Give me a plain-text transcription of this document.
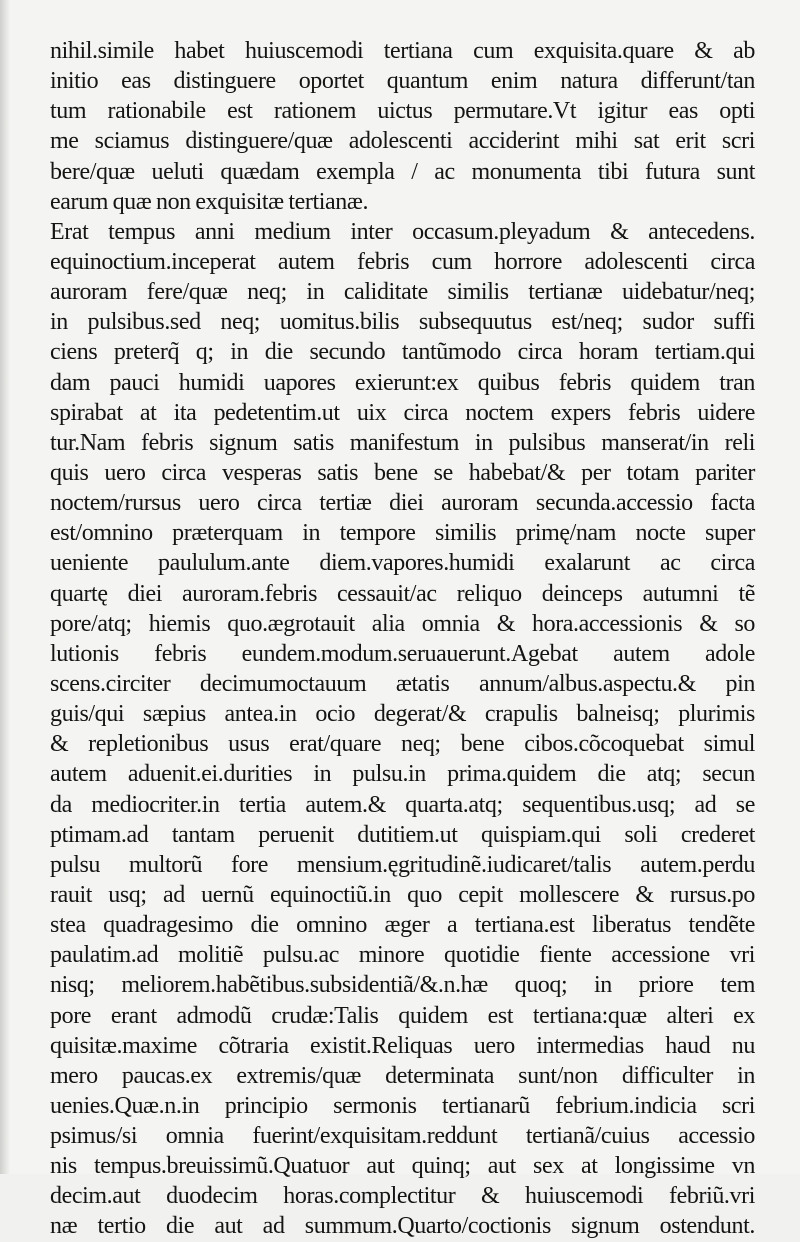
nihil.simile habet huiuscemodi tertiana cum exquisita.quare & ab
initio eas distinguere oportet quantum enim natura differunt/tan
tum rationabile est rationem uictus permutare.Vt igitur eas opti
me sciamus distinguere/quæ adolescenti acciderint mihi sat erit scri
bere/quæ ueluti quædam exempla / ac monumenta tibi futura sunt
earum quæ non exquisitæ tertianæ.
Erat tempus anni medium inter occasum.pleyadum & antecedens.
equinoctium.inceperat autem febris cum horrore adolescenti circa
auroram fere/quæ neq; in caliditate similis tertianæ uidebatur/neq;
in pulsibus.sed neq; uomitus.bilis subsequutus est/neq; sudor suffi
ciens preterq̃ q; in die secundo tantũmodo circa horam tertiam.qui
dam pauci humidi uapores exierunt:ex quibus febris quidem tran
spirabat at ita pedetentim.ut uix circa noctem expers febris uidere
tur.Nam febris signum satis manifestum in pulsibus manserat/in reli
quis uero circa vesperas satis bene se habebat/& per totam pariter
noctem/rursus uero circa tertiæ diei auroram secunda.accessio facta
est/omnino præterquam in tempore similis primę/nam nocte super
ueniente paululum.ante diem.vapores.humidi exalarunt ac circa
quartę diei auroram.febris cessauit/ac reliquo deinceps autumni tẽ
pore/atq; hiemis quo.ægrotauit alia omnia & hora.accessionis & so
lutionis febris eundem.modum.seruauerunt.Agebat autem adole
scens.circiter decimumoctauum ætatis annum/albus.aspectu.& pin
guis/qui sæpius antea.in ocio degerat/& crapulis balneisq; plurimis
& repletionibus usus erat/quare neq; bene cibos.cõcoquebat simul
autem aduenit.ei.durities in pulsu.in prima.quidem die atq; secun
da mediocriter.in tertia autem.& quarta.atq; sequentibus.usq; ad se
ptimam.ad tantam peruenit dutitiem.ut quispiam.qui soli crederet
pulsu multorũ fore mensium.ęgritudinẽ.iudicaret/talis autem.perdu
rauit usq; ad uernũ equinoctiũ.in quo cepit mollescere & rursus.po
stea quadragesimo die omnino æger a tertiana.est liberatus tendẽte
paulatim.ad molitiẽ pulsu.ac minore quotidie fiente accessione vri
nisq; meliorem.habẽtibus.subsidentiã/&.n.hæ quoq; in priore tem
pore erant admodũ crudæ:Talis quidem est tertiana:quæ alteri ex
quisitæ.maxime cõtraria existit.Reliquas uero intermedias haud nu
mero paucas.ex extremis/quæ determinata sunt/non difficulter in
uenies.Quæ.n.in principio sermonis tertianarũ febrium.indicia scri
psimus/si omnia fuerint/exquisitam.reddunt tertianã/cuius accessio
nis tempus.breuissimũ.Quatuor aut quinq; aut sex at longissime vn
decim.aut duodecim horas.complectitur & huiuscemodi febriũ.vri
næ tertio die aut ad summum.Quarto/coctionis signum ostendunt.
